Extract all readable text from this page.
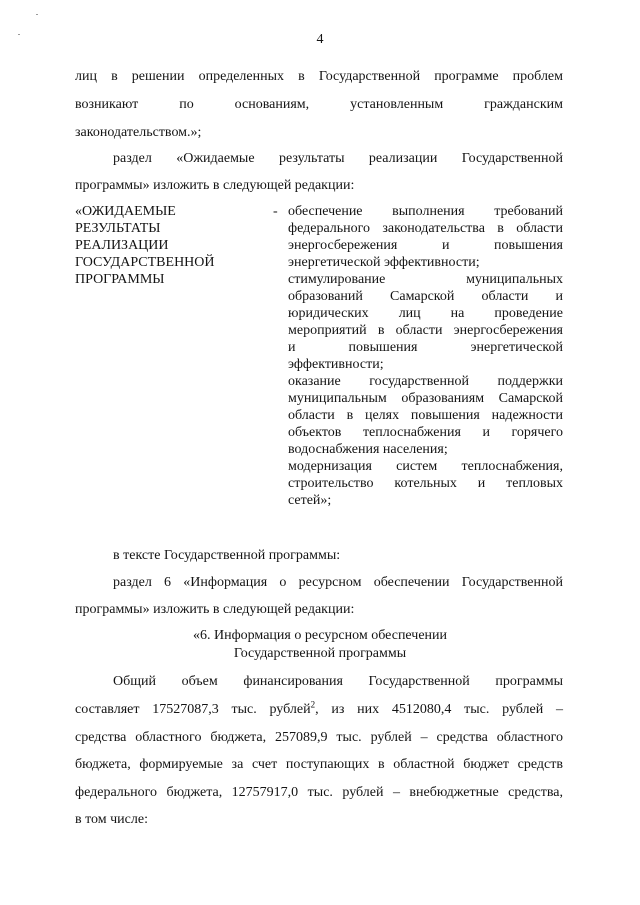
4
лиц в решении определенных в Государственной программе проблем
возникают по основаниям, установленным гражданским
законодательством.»;
раздел «Ожидаемые результаты реализации Государственной
программы» изложить в следующей редакции:
«ОЖИДАЕМЫЕ
РЕЗУЛЬТАТЫ
РЕАЛИЗАЦИИ
ГОСУДАРСТВЕННОЙ
ПРОГРАММЫ
- обеспечение выполнения требований
федерального законодательства в области
энергосбережения и повышения
энергетической эффективности;
стимулирование муниципальных
образований Самарской области и
юридических лиц на проведение
мероприятий в области энергосбережения
и повышения энергетической
эффективности;
оказание государственной поддержки
муниципальным образованиям Самарской
области в целях повышения надежности
объектов теплоснабжения и горячего
водоснабжения населения;
модернизация систем теплоснабжения,
строительство котельных и тепловых
сетей»;
в тексте Государственной программы:
раздел 6 «Информация о ресурсном обеспечении Государственной
программы» изложить в следующей редакции:
«6. Информация о ресурсном обеспечении
Государственной программы
Общий объем финансирования Государственной программы
составляет 17527087,3 тыс. рублей$^2$, из них 4512080,4 тыс. рублей –
средства областного бюджета, 257089,9 тыс. рублей – средства областного
бюджета, формируемые за счет поступающих в областной бюджет средств
федерального бюджета, 12757917,0 тыс. рублей – внебюджетные средства,
в том числе:
